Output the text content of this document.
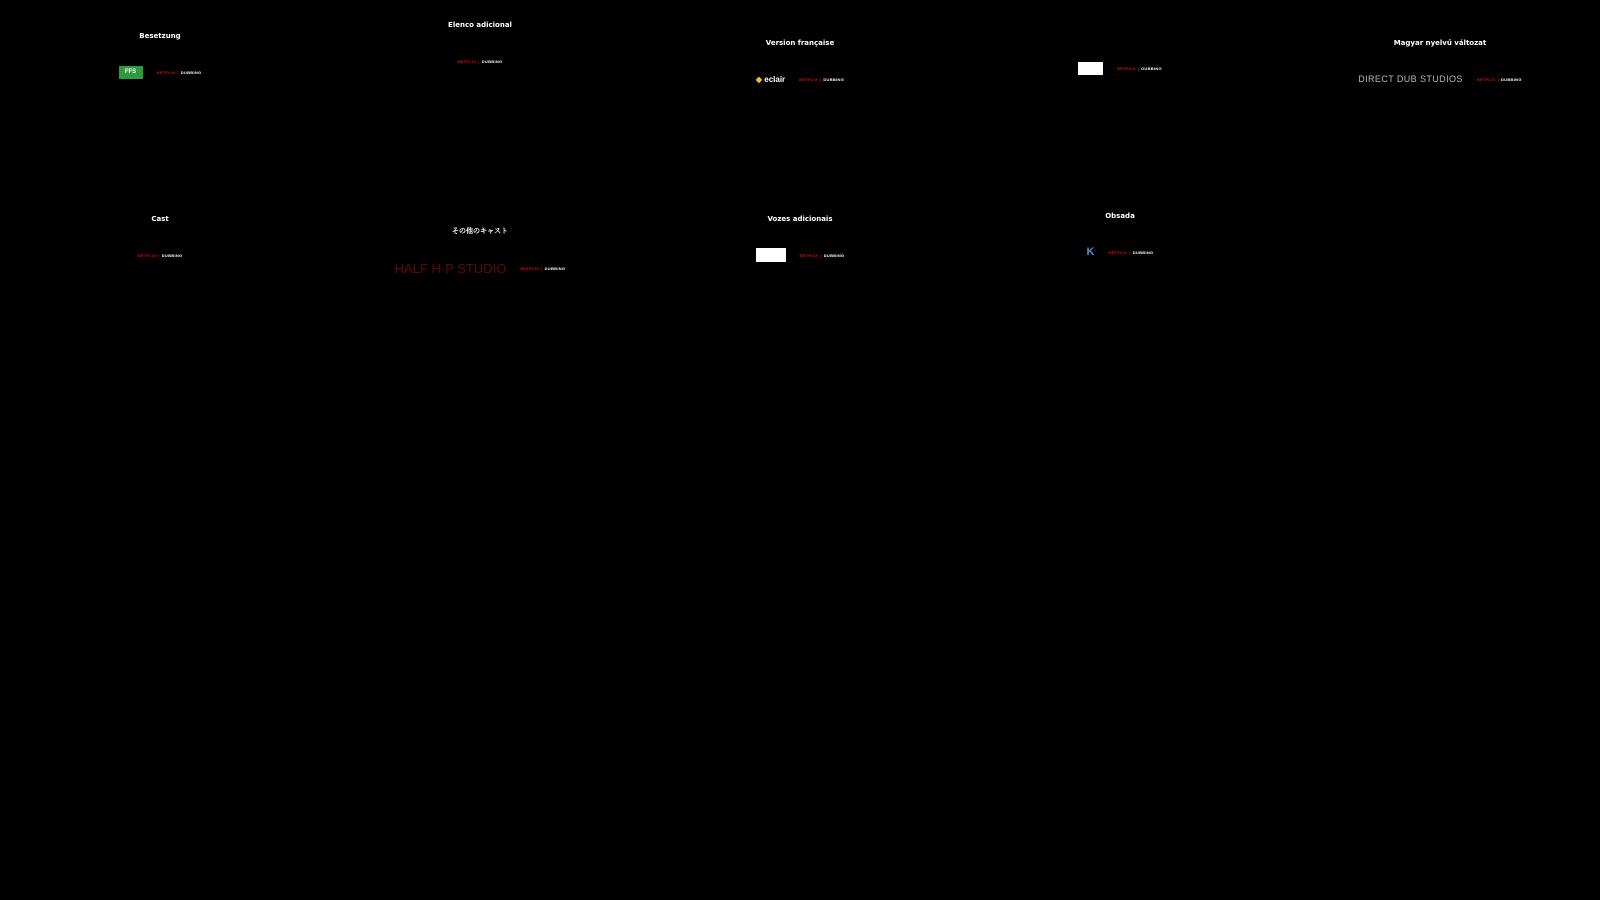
Besetzung
FFS	NETFLIX | DUBBING
Elenco adicional
NETFLIX | DUBBING
Version française
◆ eclair	NETFLIX | DUBBING
NETFLIX | DUBBING
Magyar nyelvű változat
DIRECT DUB STUDIOS	NETFLIX | DUBBING
Cast
NETFLIX | DUBBING
その他のキャスト
HALF H·P STUDIO	NETFLIX | DUBBING
Vozes adicionais
NETFLIX | DUBBING
Obsada
K	NETFLIX | DUBBING
